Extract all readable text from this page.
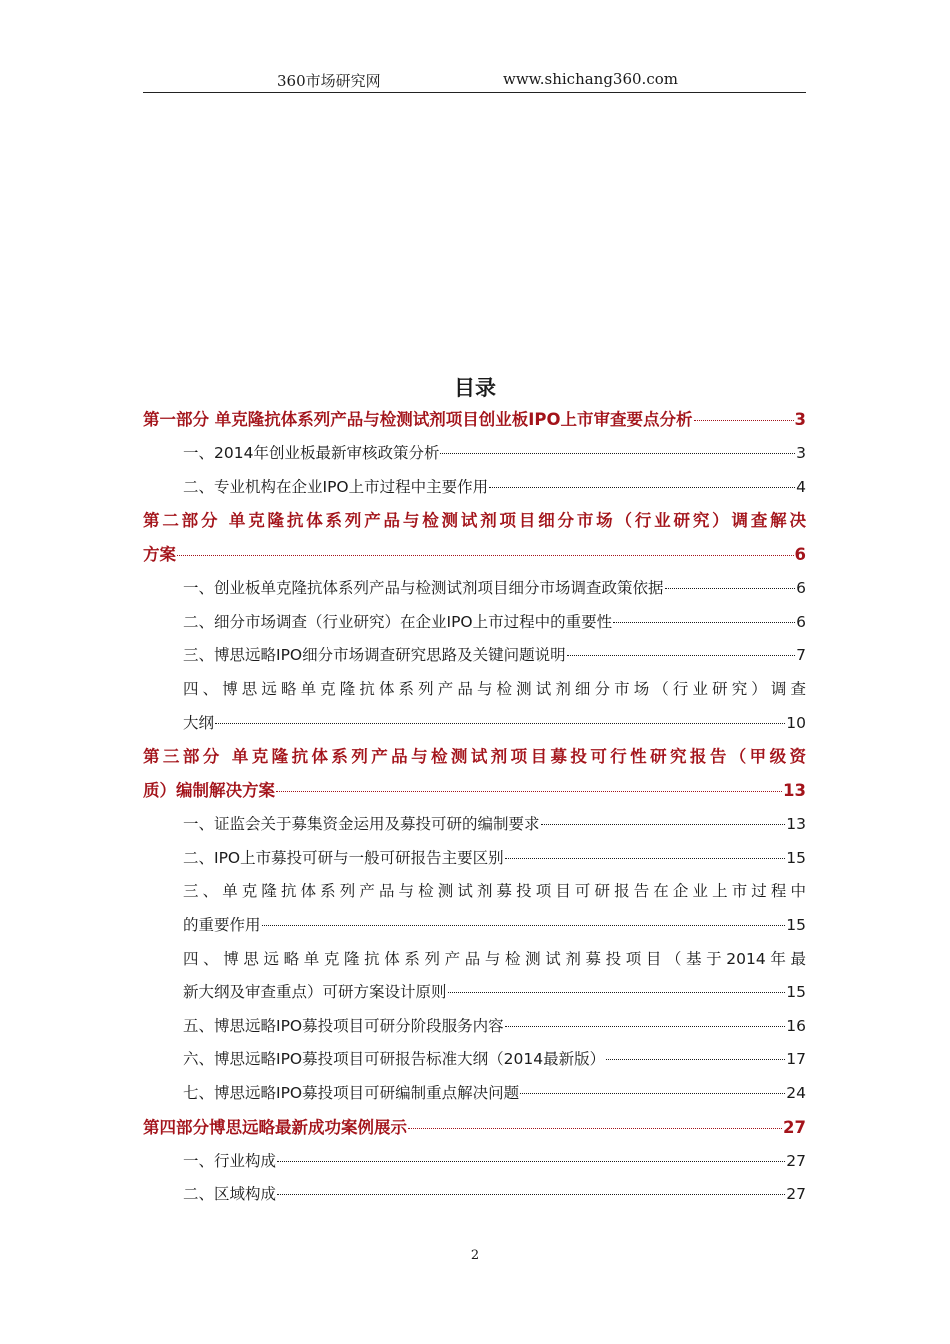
360市场研究网	www.shichang360.com
目录
第一部分 单克隆抗体系列产品与检测试剂项目创业板IPO上市审查要点分析	3
一、2014年创业板最新审核政策分析	3
二、专业机构在企业IPO上市过程中主要作用	4
第二部分 单克隆抗体系列产品与检测试剂项目细分市场（行业研究）调查解决
方案	6
一、创业板单克隆抗体系列产品与检测试剂项目细分市场调查政策依据	6
二、细分市场调查（行业研究）在企业IPO上市过程中的重要性	6
三、博思远略IPO细分市场调查研究思路及关键问题说明	7
四、博思远略单克隆抗体系列产品与检测试剂细分市场（行业研究）调查
大纲	10
第三部分 单克隆抗体系列产品与检测试剂项目募投可行性研究报告（甲级资
质）编制解决方案	13
一、证监会关于募集资金运用及募投可研的编制要求	13
二、IPO上市募投可研与一般可研报告主要区别	15
三、单克隆抗体系列产品与检测试剂募投项目可研报告在企业上市过程中
的重要作用	15
四、博思远略单克隆抗体系列产品与检测试剂募投项目（基于2014年最
新大纲及审查重点）可研方案设计原则	15
五、博思远略IPO募投项目可研分阶段服务内容	16
六、博思远略IPO募投项目可研报告标准大纲（2014最新版）	17
七、博思远略IPO募投项目可研编制重点解决问题	24
第四部分博思远略最新成功案例展示	27
一、行业构成	27
二、区域构成	27
2
